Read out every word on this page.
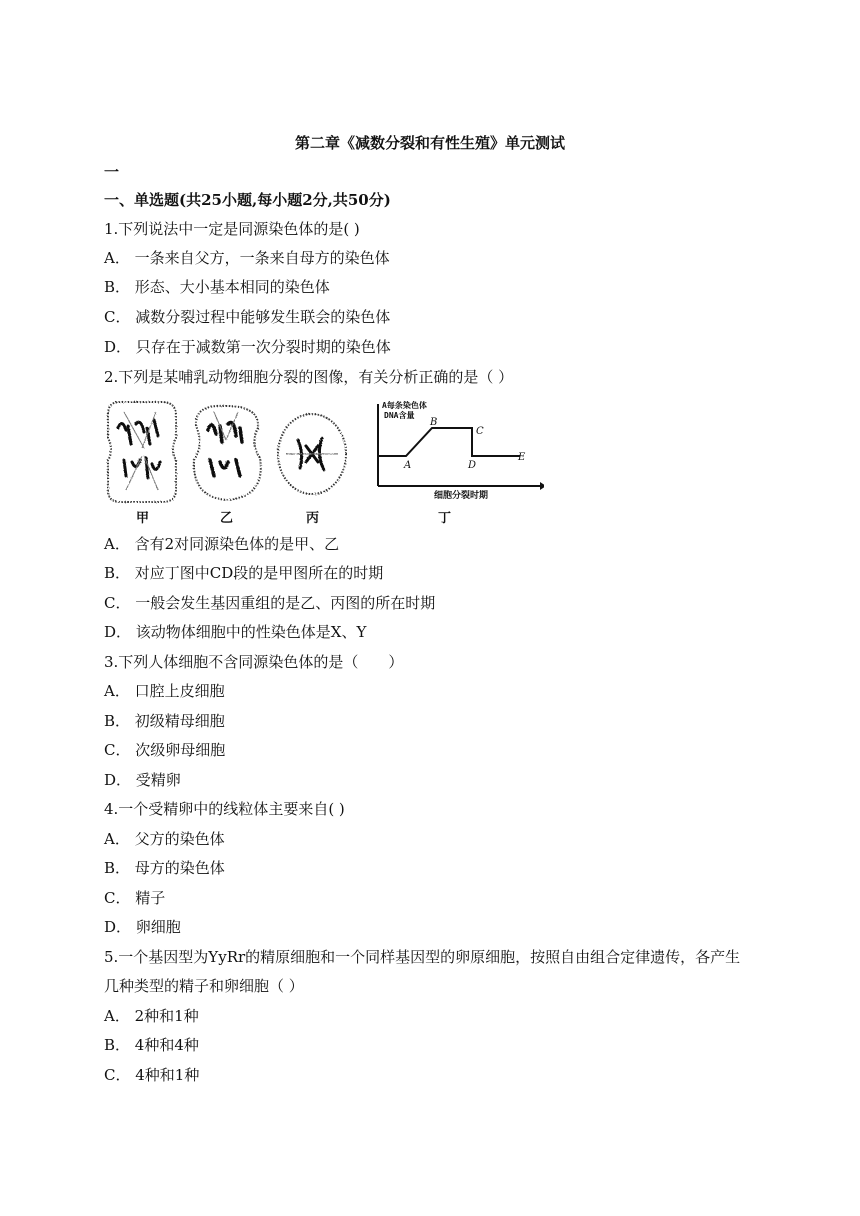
第二章《减数分裂和有性生殖》单元测试
一
一、单选题(共25小题,每小题2分,共50分)
1.下列说法中一定是同源染色体的是( )
A． 一条来自父方，一条来自母方的染色体
B． 形态、大小基本相同的染色体
C． 减数分裂过程中能够发生联会的染色体
D． 只存在于减数第一次分裂时期的染色体
2.下列是某哺乳动物细胞分裂的图像，有关分析正确的是（ ）
A每条染色体
DNA含量
A
B
C
D
E
细胞分裂时期
甲	乙	丙	丁
A． 含有2对同源染色体的是甲、乙
B． 对应丁图中CD段的是甲图所在的时期
C． 一般会发生基因重组的是乙、丙图的所在时期
D． 该动物体细胞中的性染色体是X、Y
3.下列人体细胞不含同源染色体的是（　　）
A． 口腔上皮细胞
B． 初级精母细胞
C． 次级卵母细胞
D． 受精卵
4.一个受精卵中的线粒体主要来自( )
A． 父方的染色体
B． 母方的染色体
C． 精子
D． 卵细胞
5.一个基因型为YyRr的精原细胞和一个同样基因型的卵原细胞，按照自由组合定律遗传，各产生
几种类型的精子和卵细胞（ ）
A． 2种和1种
B． 4种和4种
C． 4种和1种
